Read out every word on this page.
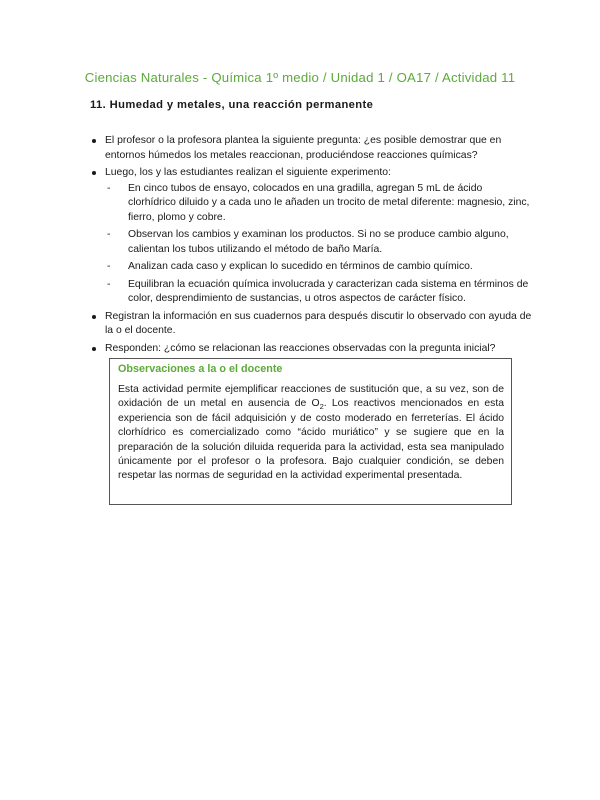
Ciencias Naturales - Química 1º medio / Unidad 1 / OA17 / Actividad 11
11. Humedad y metales, una reacción permanente
El profesor o la profesora plantea la siguiente pregunta: ¿es posible demostrar que en entornos húmedos los metales reaccionan, produciéndose reacciones químicas?
Luego, los y las estudiantes realizan el siguiente experimento:
- En cinco tubos de ensayo, colocados en una gradilla, agregan 5 mL de ácido clorhídrico diluido y a cada uno le añaden un trocito de metal diferente: magnesio, zinc, fierro, plomo y cobre.
- Observan los cambios y examinan los productos. Si no se produce cambio alguno, calientan los tubos utilizando el método de baño María.
- Analizan cada caso y explican lo sucedido en términos de cambio químico.
- Equilibran la ecuación química involucrada y caracterizan cada sistema en términos de color, desprendimiento de sustancias, u otros aspectos de carácter físico.
Registran la información en sus cuadernos para después discutir lo observado con ayuda de la o el docente.
Responden: ¿cómo se relacionan las reacciones observadas con la pregunta inicial?
Observaciones a la o el docente
Esta actividad permite ejemplificar reacciones de sustitución que, a su vez, son de oxidación de un metal en ausencia de $O_2$. Los reactivos mencionados en esta experiencia son de fácil adquisición y de costo moderado en ferreterías. El ácido clorhídrico es comercializado como “ácido muriático” y se sugiere que en la preparación de la solución diluida requerida para la actividad, esta sea manipulado únicamente por el profesor o la profesora. Bajo cualquier condición, se deben respetar las normas de seguridad en la actividad experimental presentada.
